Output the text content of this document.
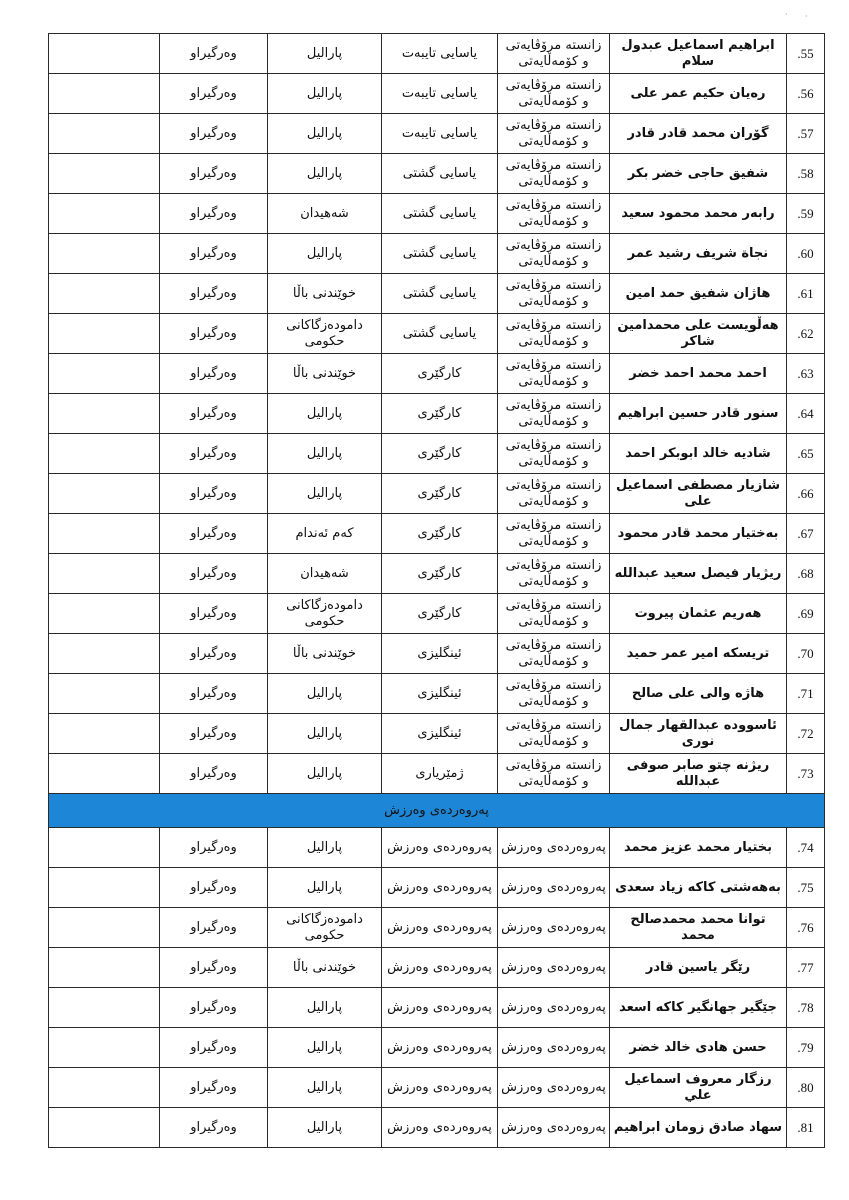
·
·
.55	ابراهيم اسماعيل عبدول سلام	زانستە مرۆڤایەتی و کۆمەڵایەتی	یاسایی تایبەت	پارالیل	وەرگیراو	
.56	رەيان حكيم عمر علی	زانستە مرۆڤایەتی و کۆمەڵایەتی	یاسایی تایبەت	پارالیل	وەرگیراو	
.57	گۆران محمد قادر قادر	زانستە مرۆڤایەتی و کۆمەڵایەتی	یاسایی تایبەت	پارالیل	وەرگیراو	
.58	شفيق حاجی خضر بكر	زانستە مرۆڤایەتی و کۆمەڵایەتی	یاسایی گشتی	پارالیل	وەرگیراو	
.59	رابەر محمد محمود سعيد	زانستە مرۆڤایەتی و کۆمەڵایەتی	یاسایی گشتی	شەهیدان	وەرگیراو	
.60	نجاة شريف رشيد عمر	زانستە مرۆڤایەتی و کۆمەڵایەتی	یاسایی گشتی	پارالیل	وەرگیراو	
.61	هاژان شفيق حمد امين	زانستە مرۆڤایەتی و کۆمەڵایەتی	یاسایی گشتی	خوێندنی باڵا	وەرگیراو	
.62	هەڵویست علی محمدامين شاكر	زانستە مرۆڤایەتی و کۆمەڵایەتی	یاسایی گشتی	دامودەزگاکانی حکومی	وەرگیراو	
.63	احمد محمد احمد خضر	زانستە مرۆڤایەتی و کۆمەڵایەتی	کارگێری	خوێندنی باڵا	وەرگیراو	
.64	سنور قادر حسين ابراهيم	زانستە مرۆڤایەتی و کۆمەڵایەتی	کارگێری	پارالیل	وەرگیراو	
.65	شاديه خالد ابوبكر احمد	زانستە مرۆڤایەتی و کۆمەڵایەتی	کارگێری	پارالیل	وەرگیراو	
.66	شازيار مصطفى اسماعيل على	زانستە مرۆڤایەتی و کۆمەڵایەتی	کارگێری	پارالیل	وەرگیراو	
.67	بەختیار محمد قادر محمود	زانستە مرۆڤایەتی و کۆمەڵایەتی	کارگێری	کەم ئەندام	وەرگیراو	
.68	ريژيار فيصل سعيد عبدالله	زانستە مرۆڤایەتی و کۆمەڵایەتی	کارگێری	شەهیدان	وەرگیراو	
.69	هەریم عثمان پيروت	زانستە مرۆڤایەتی و کۆمەڵایەتی	کارگێری	دامودەزگاکانی حکومی	وەرگیراو	
.70	تريسكه امير عمر حميد	زانستە مرۆڤایەتی و کۆمەڵایەتی	ئینگلیزی	خوێندنی باڵا	وەرگیراو	
.71	هاژه والی على صالح	زانستە مرۆڤایەتی و کۆمەڵایەتی	ئینگلیزی	پارالیل	وەرگیراو	
.72	ئاسووده عبدالقهار جمال نوری	زانستە مرۆڤایەتی و کۆمەڵایەتی	ئینگلیزی	پارالیل	وەرگیراو	
.73	ريژنه چتو صابر صوفی عبدالله	زانستە مرۆڤایەتی و کۆمەڵایەتی	ژمێریاری	پارالیل	وەرگیراو	
پەروەردەی وەرزش						
.74	بختيار محمد عزيز محمد	پەروەردەی وەرزش	پەروەردەی وەرزش	پارالیل	وەرگیراو	
.75	بەهەشتی كاكه زياد سعدی	پەروەردەی وەرزش	پەروەردەی وەرزش	پارالیل	وەرگیراو	
.76	توانا محمد محمدصالح محمد	پەروەردەی وەرزش	پەروەردەی وەرزش	دامودەزگاکانی حکومی	وەرگیراو	
.77	رێگر ياسين قادر	پەروەردەی وەرزش	پەروەردەی وەرزش	خوێندنی باڵا	وەرگیراو	
.78	جێگير جهانگير كاكه اسعد	پەروەردەی وەرزش	پەروەردەی وەرزش	پارالیل	وەرگیراو	
.79	حسن هادی خالد خضر	پەروەردەی وەرزش	پەروەردەی وەرزش	پارالیل	وەرگیراو	
.80	رزگار معروف اسماعيل علي	پەروەردەی وەرزش	پەروەردەی وەرزش	پارالیل	وەرگیراو	
.81	سهاد صادق زومان ابراهيم	پەروەردەی وەرزش	پەروەردەی وەرزش	پارالیل	وەرگیراو	
